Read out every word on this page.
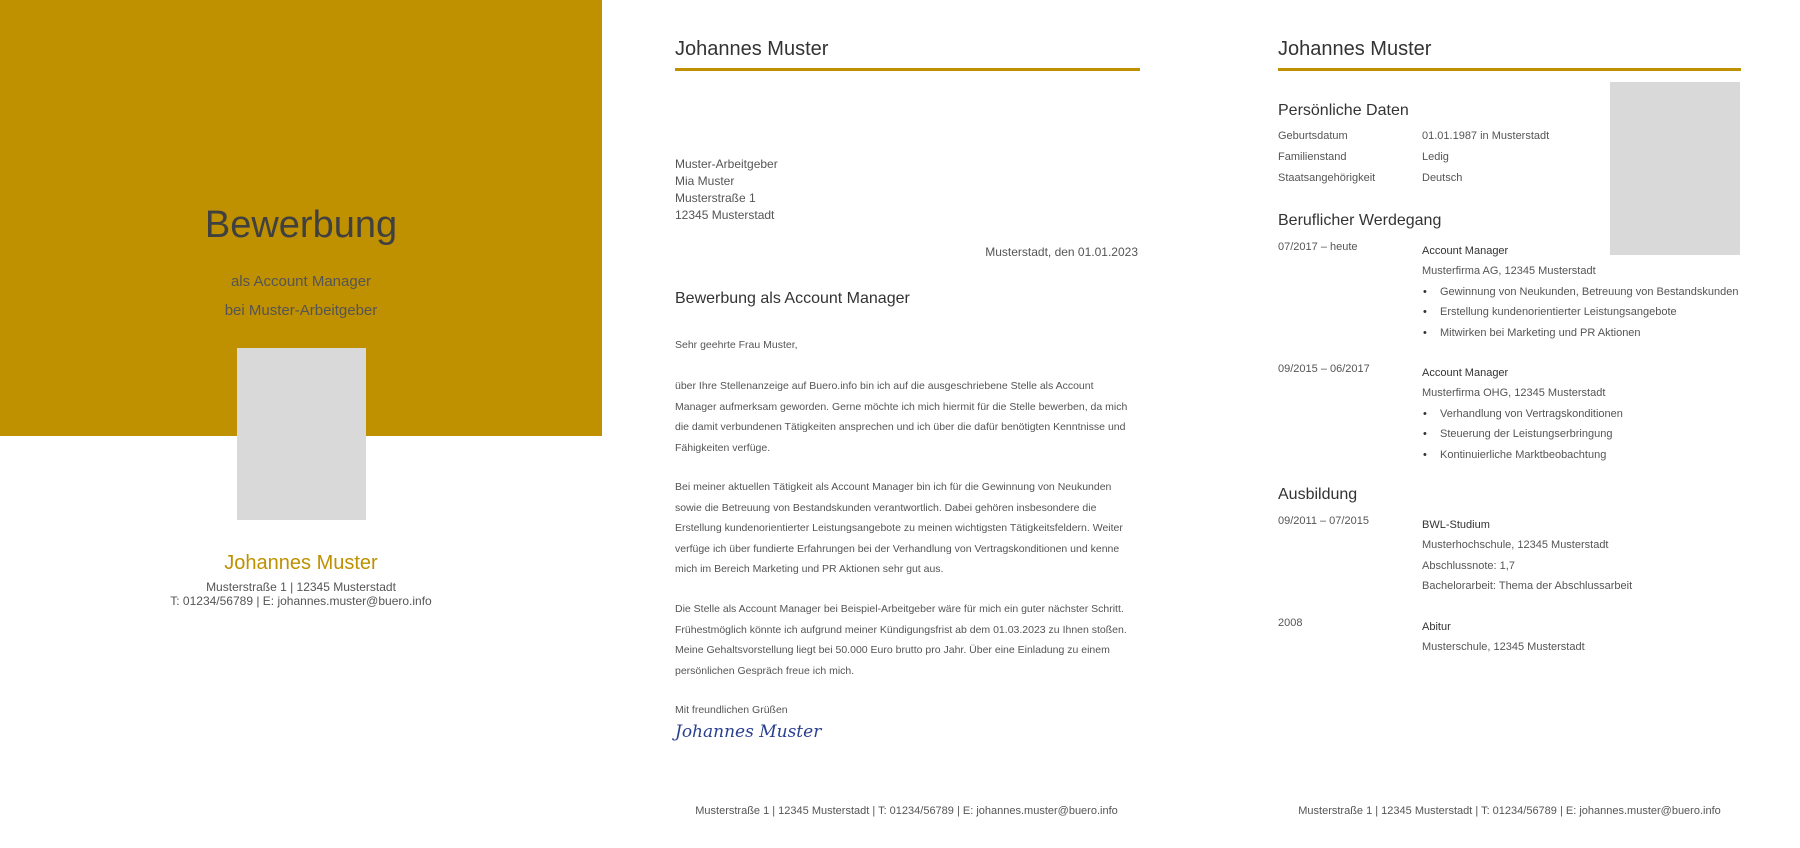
Bewerbung
als Account Manager
bei Muster-Arbeitgeber
Johannes Muster
Musterstraße 1 | 12345 Musterstadt
T: 01234/56789 | E: johannes.muster@buero.info
Johannes Muster
Muster-Arbeitgeber
Mia Muster
Musterstraße 1
12345 Musterstadt
Musterstadt, den 01.01.2023
Bewerbung als Account Manager
Sehr geehrte Frau Muster,
über Ihre Stellenanzeige auf Buero.info bin ich auf die ausgeschriebene Stelle als Account Manager aufmerksam geworden. Gerne möchte ich mich hiermit für die Stelle bewerben, da mich die damit verbundenen Tätigkeiten ansprechen und ich über die dafür benötigten Kenntnisse und Fähigkeiten verfüge.
Bei meiner aktuellen Tätigkeit als Account Manager bin ich für die Gewinnung von Neukunden sowie die Betreuung von Bestandskunden verantwortlich. Dabei gehören insbesondere die Erstellung kundenorientierter Leistungsangebote zu meinen wichtigsten Tätigkeitsfeldern. Weiter verfüge ich über fundierte Erfahrungen bei der Verhandlung von Vertragskonditionen und kenne mich im Bereich Marketing und PR Aktionen sehr gut aus.
Die Stelle als Account Manager bei Beispiel-Arbeitgeber wäre für mich ein guter nächster Schritt. Frühestmöglich könnte ich aufgrund meiner Kündigungsfrist ab dem 01.03.2023 zu Ihnen stoßen. Meine Gehaltsvorstellung liegt bei 50.000 Euro brutto pro Jahr. Über eine Einladung zu einem persönlichen Gespräch freue ich mich.
Mit freundlichen Grüßen
Johannes Muster
Musterstraße 1 | 12345 Musterstadt | T: 01234/56789 | E: johannes.muster@buero.info
Johannes Muster
Persönliche Daten
Geburtsdatum	01.01.1987 in Musterstadt
Familienstand	Ledig
Staatsangehörigkeit	Deutsch
Beruflicher Werdegang
07/2017 – heute	Account Manager
Musterfirma AG, 12345 Musterstadt
• Gewinnung von Neukunden, Betreuung von Bestandskunden
• Erstellung kundenorientierter Leistungsangebote
• Mitwirken bei Marketing und PR Aktionen
09/2015 – 06/2017	Account Manager
Musterfirma OHG, 12345 Musterstadt
• Verhandlung von Vertragskonditionen
• Steuerung der Leistungserbringung
• Kontinuierliche Marktbeobachtung
Ausbildung
09/2011 – 07/2015	BWL-Studium
Musterhochschule, 12345 Musterstadt
Abschlussnote: 1,7
Bachelorarbeit: Thema der Abschlussarbeit
2008	Abitur
Musterschule, 12345 Musterstadt
Musterstraße 1 | 12345 Musterstadt | T: 01234/56789 | E: johannes.muster@buero.info
